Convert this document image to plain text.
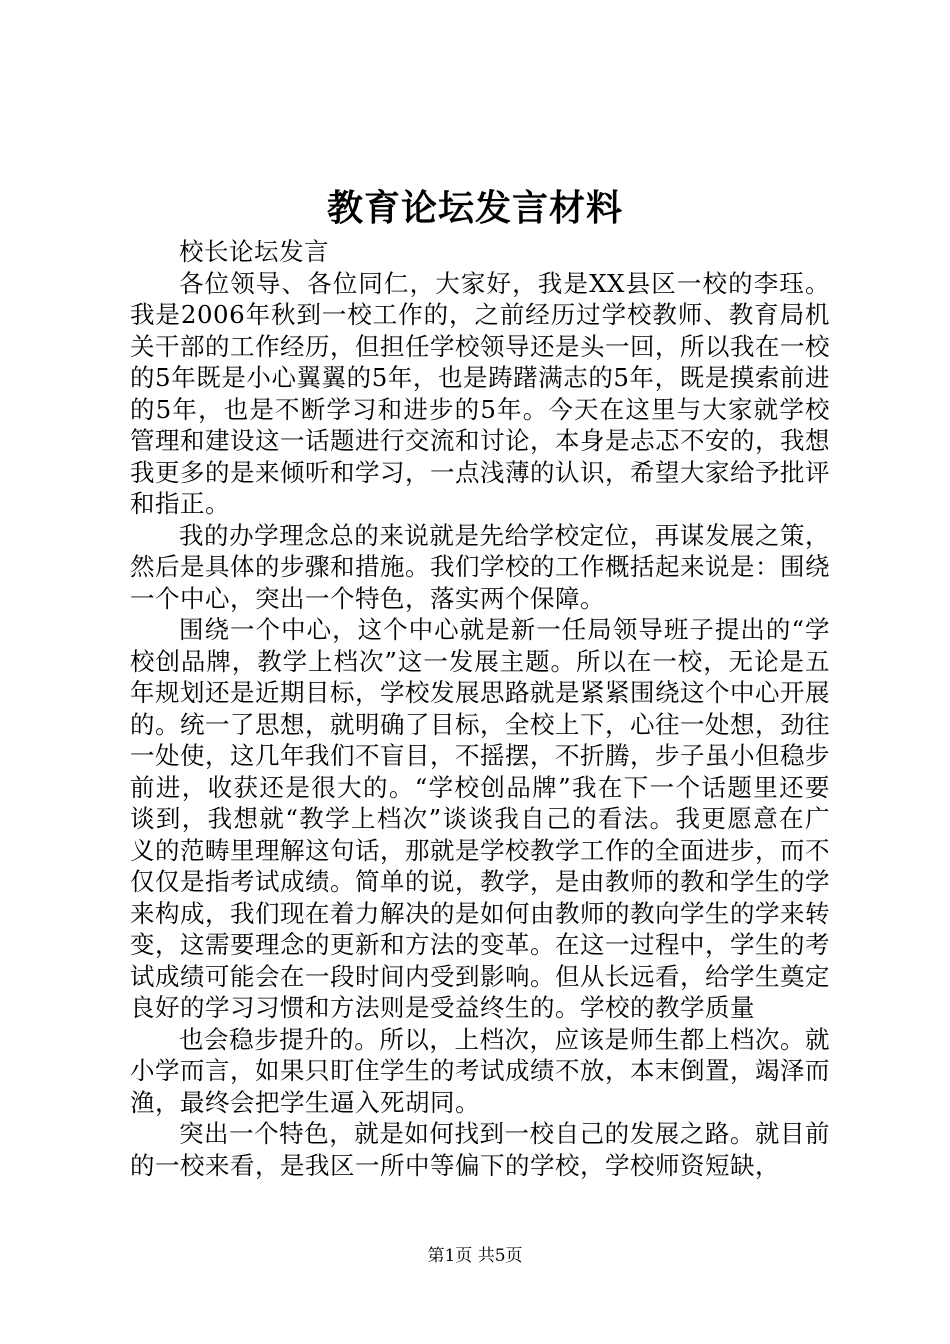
教育论坛发言材料

校长论坛发言

各位领导、各位同仁，大家好，我是XX县区一校的李珏。我是2006年秋到一校工作的，之前经历过学校教师、教育局机关干部的工作经历，但担任学校领导还是头一回，所以我在一校的5年既是小心翼翼的5年，也是踌躇满志的5年，既是摸索前进的5年，也是不断学习和进步的5年。今天在这里与大家就学校管理和建设这一话题进行交流和讨论，本身是忐忑不安的，我想我更多的是来倾听和学习，一点浅薄的认识，希望大家给予批评和指正。

我的办学理念总的来说就是先给学校定位，再谋发展之策，然后是具体的步骤和措施。我们学校的工作概括起来说是：围绕一个中心，突出一个特色，落实两个保障。

围绕一个中心，这个中心就是新一任局领导班子提出的“学校创品牌，教学上档次”这一发展主题。所以在一校，无论是五年规划还是近期目标，学校发展思路就是紧紧围绕这个中心开展的。统一了思想，就明确了目标，全校上下，心往一处想，劲往一处使，这几年我们不盲目，不摇摆，不折腾，步子虽小但稳步前进，收获还是很大的。“学校创品牌”我在下一个话题里还要谈到，我想就“教学上档次”谈谈我自己的看法。我更愿意在广义的范畴里理解这句话，那就是学校教学工作的全面进步，而不仅仅是指考试成绩。简单的说，教学，是由教师的教和学生的学来构成，我们现在着力解决的是如何由教师的教向学生的学来转变，这需要理念的更新和方法的变革。在这一过程中，学生的考试成绩可能会在一段时间内受到影响。但从长远看，给学生奠定良好的学习习惯和方法则是受益终生的。学校的教学质量

也会稳步提升的。所以，上档次，应该是师生都上档次。就小学而言，如果只盯住学生的考试成绩不放，本末倒置，竭泽而渔，最终会把学生逼入死胡同。

突出一个特色，就是如何找到一校自己的发展之路。就目前的一校来看，是我区一所中等偏下的学校，学校师资短缺，

第1页 共5页
